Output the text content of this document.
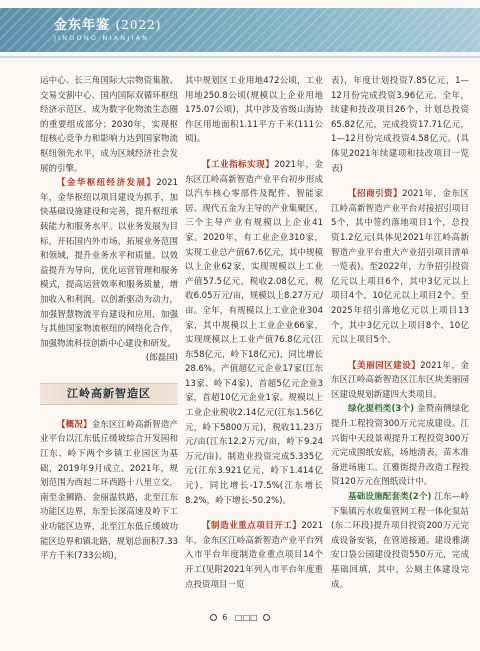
金东年鉴 (2022)
JINDONG NIANJIAN

运中心、长三角国际大宗物资集散、交易交割中心、国内国际双循环枢纽经济示范区、成为数字化物流生态圈的重要组成部分；2030年，实现枢纽核心竞争力和影响力达到国家物流枢纽领先水平，成为区域经济社会发展的引擎。

【金华枢纽经济发展】2021年，金华枢纽以项目建设为抓手，加快基础设施建设和完善，提升枢纽承载能力和服务水平。以业务发展为目标，开拓国内外市场，拓展业务范围和领域，提升业务水平和质量。以效益提升为导向，优化运营管理和服务模式，提高运营效率和服务质量，增加收入和利润。以创新驱动为动力，加强智慧物流平台建设和应用，加强与其他国家物流枢纽的网络化合作，加强物流科技创新中心建设和研发。

(郎磊国)

江岭高新智造区

【概况】金东区江岭高新智造产业平台以江东低丘缓坡综合开发园和江东、岭下两个乡镇工业园区为基础，2019年9月成立。2021年，规划范围为西起二环西路十八里立交，南至金狮路、金丽温铁路，北至江东功能区边界，东至长深高速及岭下工业功能区边界，北至江东低丘缓坡功能区边界和镇北路，规划总面积7.33平方千米(733公顷)，

其中规划区工业用地472公顷，工业用地250.8公顷(规模以上企业用地175.07公顷)，其中涉及省级山海协作区用地面积1.11平方千米(111公顷)。

【工业指标实现】2021年，金东区江岭高新智造产业平台初步形成以汽车核心零部件及配件、智能家居、现代五金为主导的产业集聚区，三个主导产业有规模以上企业41家。2020年，有工业企业310家，实现工业总产值67.6亿元，其中规模以上企业62家，实现规模以上工业产值57.5亿元，税收2.08亿元，税收6.05万元/亩，规模以上8.27万元/亩。全年，有规模以上工业企业304家，其中规模以上工业企业66家，实现规模以上工业产值76.8亿元(江东58亿元，岭下18亿元)，同比增长28.6%。产值超亿元企业17家(江东13家、岭下4家)，首超5亿元企业3家，首超10亿元企业1家。规模以上工业企业税收2.14亿元(江东1.56亿元，岭下5800万元)，税收11.23万元/亩(江东12.2万元/亩，岭下9.24万元/亩)。制造业投资完成5.335亿元(江东3.921亿元，岭下1.414亿元)，同比增长-17.5%(江东增长8.2%，岭下增长-50.2%)。

【制造业重点项目开工】2021年，金东区江岭高新智造产业平台列入市平台年度制造业重点项目14个开工(见附2021年列入市平台年度重点投资项目一览

表)，年度计划投资7.85亿元，1—12月份完成投资3.96亿元。全年，续建和技改项目26个，计划总投资65.82亿元，完成投资17.71亿元，1—12月份完成投资4.58亿元。(具体见2021年续建项和技改项目一览表)

【招商引资】2021年，金东区江岭高新智造产业平台对接招引项目5个，其中签约落地项目1个，总投资1.2亿元(具体见2021年江岭高新智造产业平台重大产业招引项目清单一览表)。至2022年，力争招引投资亿元以上项目6个，其中3亿元以上项目4个，10亿元以上项目2个。至2025年招引落地亿元以上项目13个，其中3亿元以上项目8个、10亿元以上项目5个。

【美丽园区建设】2021年，金东区江岭高新智造区江东区块美丽园区建设规划新建四大类项目。

绿化提档类(3个) 金赞南侧绿化提升工程投资300万元完成建设。江兴街中天段景观提升工程投资300万元完成围纸安底，场地清表，苗木准备进场施工。江雅街提升改造工程投资120万元在图纸设计中。

基础设施配套类(2个) 江东—岭下集镇污水收集管网工程一体化泵站(东二环段)提升项目投资200万元完成设备安装，在管道接通。建设雅湖安口袋公园建设投资550万元，完成基础回填，其中，公厕主体建设完成。

6   □□□
